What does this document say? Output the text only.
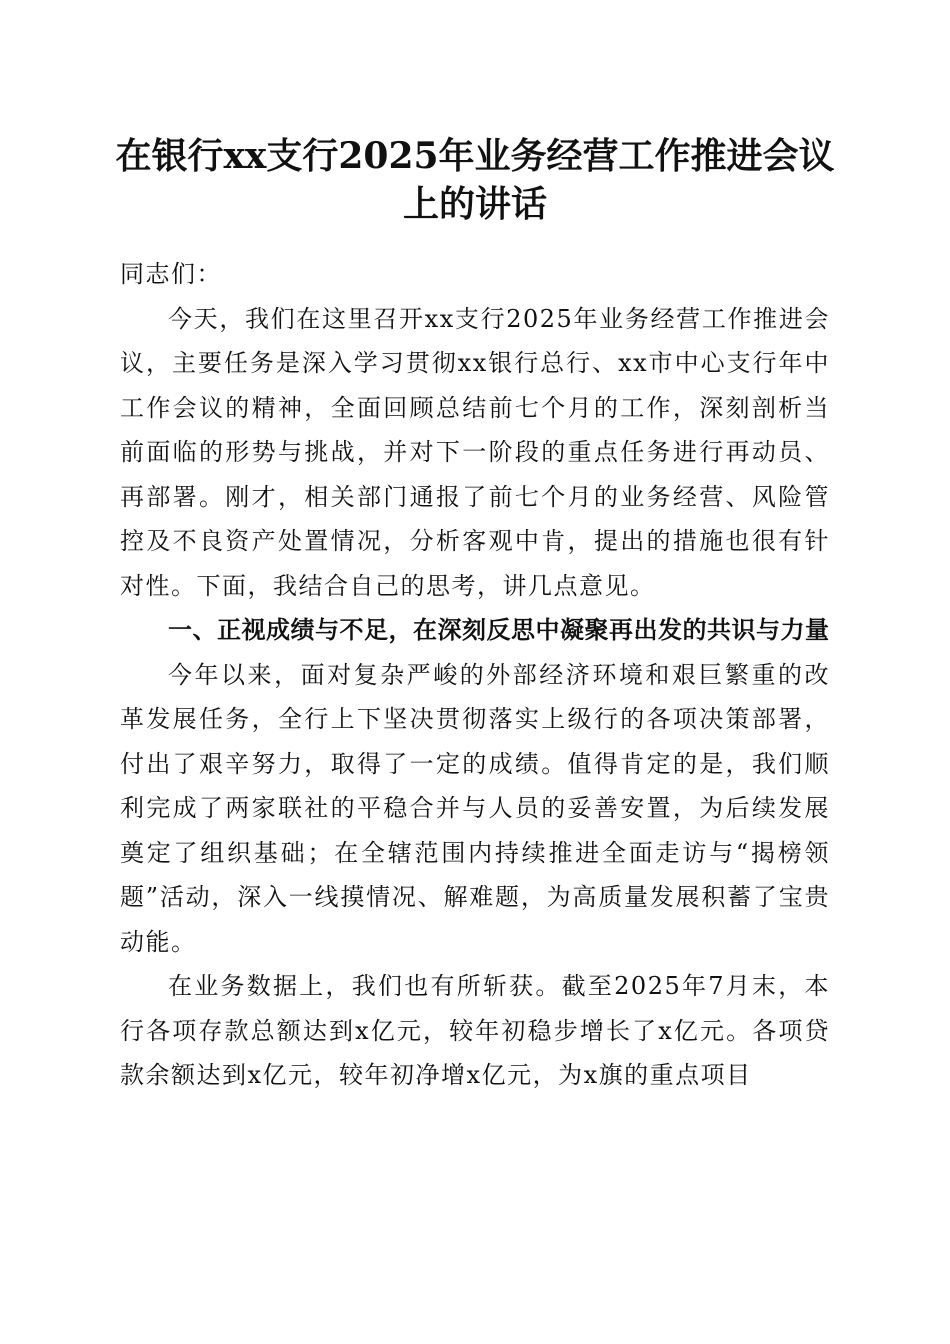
在银行xx支行2025年业务经营工作推进会议上的讲话

同志们：

今天，我们在这里召开xx支行2025年业务经营工作推进会议，主要任务是深入学习贯彻xx银行总行、xx市中心支行年中工作会议的精神，全面回顾总结前七个月的工作，深刻剖析当前面临的形势与挑战，并对下一阶段的重点任务进行再动员、再部署。刚才，相关部门通报了前七个月的业务经营、风险管控及不良资产处置情况，分析客观中肯，提出的措施也很有针对性。下面，我结合自己的思考，讲几点意见。

一、正视成绩与不足，在深刻反思中凝聚再出发的共识与力量

今年以来，面对复杂严峻的外部经济环境和艰巨繁重的改革发展任务，全行上下坚决贯彻落实上级行的各项决策部署，付出了艰辛努力，取得了一定的成绩。值得肯定的是，我们顺利完成了两家联社的平稳合并与人员的妥善安置，为后续发展奠定了组织基础；在全辖范围内持续推进全面走访与“揭榜领题”活动，深入一线摸情况、解难题，为高质量发展积蓄了宝贵动能。

在业务数据上，我们也有所斩获。截至2025年7月末，本行各项存款总额达到x亿元，较年初稳步增长了x亿元。各项贷款余额达到x亿元，较年初净增x亿元，为x旗的重点项目
